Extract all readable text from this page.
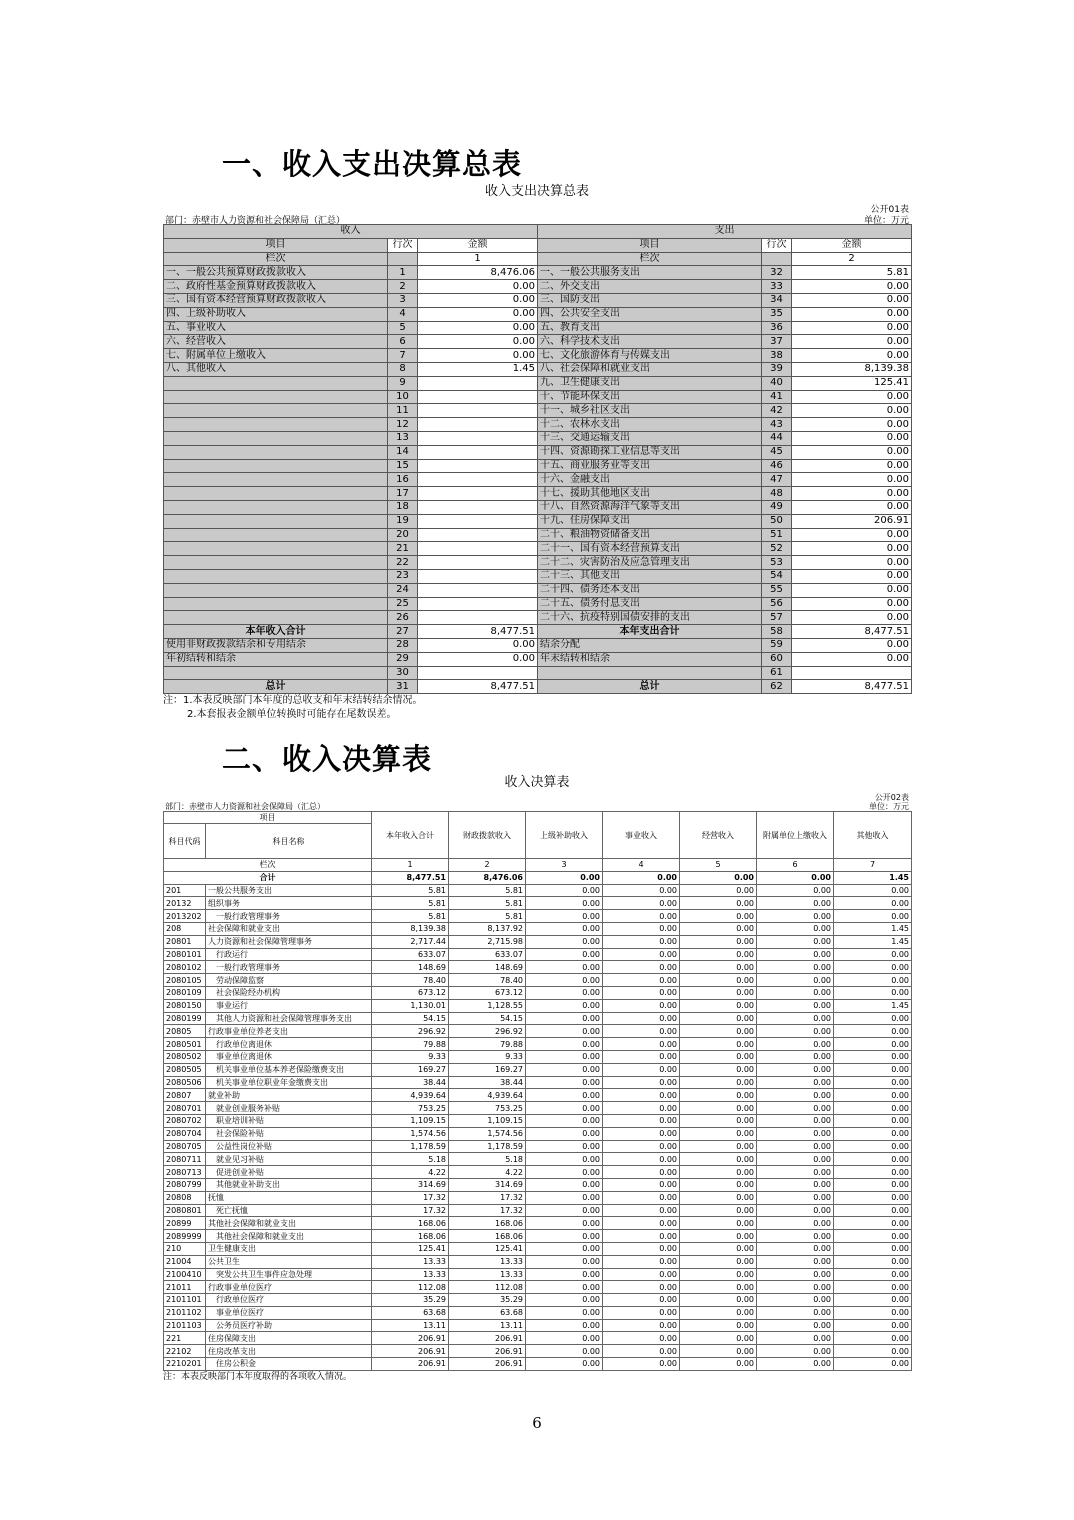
一、收入支出决算总表
收入支出决算总表
公开01表
部门：赤壁市人力资源和社会保障局（汇总）	单位：万元
收入			支出		
项目	行次	金额	项目	行次	金额
栏次		1	栏次		2
一、一般公共预算财政拨款收入	1	8,476.06	一、一般公共服务支出	32	5.81
二、政府性基金预算财政拨款收入	2	0.00	二、外交支出	33	0.00
三、国有资本经营预算财政拨款收入	3	0.00	三、国防支出	34	0.00
四、上级补助收入	4	0.00	四、公共安全支出	35	0.00
五、事业收入	5	0.00	五、教育支出	36	0.00
六、经营收入	6	0.00	六、科学技术支出	37	0.00
七、附属单位上缴收入	7	0.00	七、文化旅游体育与传媒支出	38	0.00
八、其他收入	8	1.45	八、社会保障和就业支出	39	8,139.38
	9		九、卫生健康支出	40	125.41
	10		十、节能环保支出	41	0.00
	11		十一、城乡社区支出	42	0.00
	12		十二、农林水支出	43	0.00
	13		十三、交通运输支出	44	0.00
	14		十四、资源勘探工业信息等支出	45	0.00
	15		十五、商业服务业等支出	46	0.00
	16		十六、金融支出	47	0.00
	17		十七、援助其他地区支出	48	0.00
	18		十八、自然资源海洋气象等支出	49	0.00
	19		十九、住房保障支出	50	206.91
	20		二十、粮油物资储备支出	51	0.00
	21		二十一、国有资本经营预算支出	52	0.00
	22		二十二、灾害防治及应急管理支出	53	0.00
	23		二十三、其他支出	54	0.00
	24		二十四、债务还本支出	55	0.00
	25		二十五、债务付息支出	56	0.00
	26		二十六、抗疫特别国债安排的支出	57	0.00
本年收入合计	27	8,477.51	本年支出合计	58	8,477.51
使用非财政拨款结余和专用结余	28	0.00	结余分配	59	0.00
年初结转和结余	29	0.00	年末结转和结余	60	0.00
	30			61	
总计	31	8,477.51	总计	62	8,477.51
注：1.本表反映部门本年度的总收支和年末结转结余情况。
2.本套报表金额单位转换时可能存在尾数误差。
二、收入决算表
收入决算表
公开02表
部门：赤壁市人力资源和社会保障局（汇总）	单位：万元
项目		本年收入合计	财政拨款收入	上级补助收入	事业收入	经营收入	附属单位上缴收入	其他收入
科目代码	科目名称							
栏次		1	2	3	4	5	6	7
合计		8,477.51	8,476.06	0.00	0.00	0.00	0.00	1.45
201	一般公共服务支出	5.81	5.81	0.00	0.00	0.00	0.00	0.00
20132	组织事务	5.81	5.81	0.00	0.00	0.00	0.00	0.00
2013202	一般行政管理事务	5.81	5.81	0.00	0.00	0.00	0.00	0.00
208	社会保障和就业支出	8,139.38	8,137.92	0.00	0.00	0.00	0.00	1.45
20801	人力资源和社会保障管理事务	2,717.44	2,715.98	0.00	0.00	0.00	0.00	1.45
2080101	行政运行	633.07	633.07	0.00	0.00	0.00	0.00	0.00
2080102	一般行政管理事务	148.69	148.69	0.00	0.00	0.00	0.00	0.00
2080105	劳动保障监察	78.40	78.40	0.00	0.00	0.00	0.00	0.00
2080109	社会保险经办机构	673.12	673.12	0.00	0.00	0.00	0.00	0.00
2080150	事业运行	1,130.01	1,128.55	0.00	0.00	0.00	0.00	1.45
2080199	其他人力资源和社会保障管理事务支出	54.15	54.15	0.00	0.00	0.00	0.00	0.00
20805	行政事业单位养老支出	296.92	296.92	0.00	0.00	0.00	0.00	0.00
2080501	行政单位离退休	79.88	79.88	0.00	0.00	0.00	0.00	0.00
2080502	事业单位离退休	9.33	9.33	0.00	0.00	0.00	0.00	0.00
2080505	机关事业单位基本养老保险缴费支出	169.27	169.27	0.00	0.00	0.00	0.00	0.00
2080506	机关事业单位职业年金缴费支出	38.44	38.44	0.00	0.00	0.00	0.00	0.00
20807	就业补助	4,939.64	4,939.64	0.00	0.00	0.00	0.00	0.00
2080701	就业创业服务补贴	753.25	753.25	0.00	0.00	0.00	0.00	0.00
2080702	职业培训补贴	1,109.15	1,109.15	0.00	0.00	0.00	0.00	0.00
2080704	社会保险补贴	1,574.56	1,574.56	0.00	0.00	0.00	0.00	0.00
2080705	公益性岗位补贴	1,178.59	1,178.59	0.00	0.00	0.00	0.00	0.00
2080711	就业见习补贴	5.18	5.18	0.00	0.00	0.00	0.00	0.00
2080713	促进创业补贴	4.22	4.22	0.00	0.00	0.00	0.00	0.00
2080799	其他就业补助支出	314.69	314.69	0.00	0.00	0.00	0.00	0.00
20808	抚恤	17.32	17.32	0.00	0.00	0.00	0.00	0.00
2080801	死亡抚恤	17.32	17.32	0.00	0.00	0.00	0.00	0.00
20899	其他社会保障和就业支出	168.06	168.06	0.00	0.00	0.00	0.00	0.00
2089999	其他社会保障和就业支出	168.06	168.06	0.00	0.00	0.00	0.00	0.00
210	卫生健康支出	125.41	125.41	0.00	0.00	0.00	0.00	0.00
21004	公共卫生	13.33	13.33	0.00	0.00	0.00	0.00	0.00
2100410	突发公共卫生事件应急处理	13.33	13.33	0.00	0.00	0.00	0.00	0.00
21011	行政事业单位医疗	112.08	112.08	0.00	0.00	0.00	0.00	0.00
2101101	行政单位医疗	35.29	35.29	0.00	0.00	0.00	0.00	0.00
2101102	事业单位医疗	63.68	63.68	0.00	0.00	0.00	0.00	0.00
2101103	公务员医疗补助	13.11	13.11	0.00	0.00	0.00	0.00	0.00
221	住房保障支出	206.91	206.91	0.00	0.00	0.00	0.00	0.00
22102	住房改革支出	206.91	206.91	0.00	0.00	0.00	0.00	0.00
2210201	住房公积金	206.91	206.91	0.00	0.00	0.00	0.00	0.00
注：本表反映部门本年度取得的各项收入情况。
6
